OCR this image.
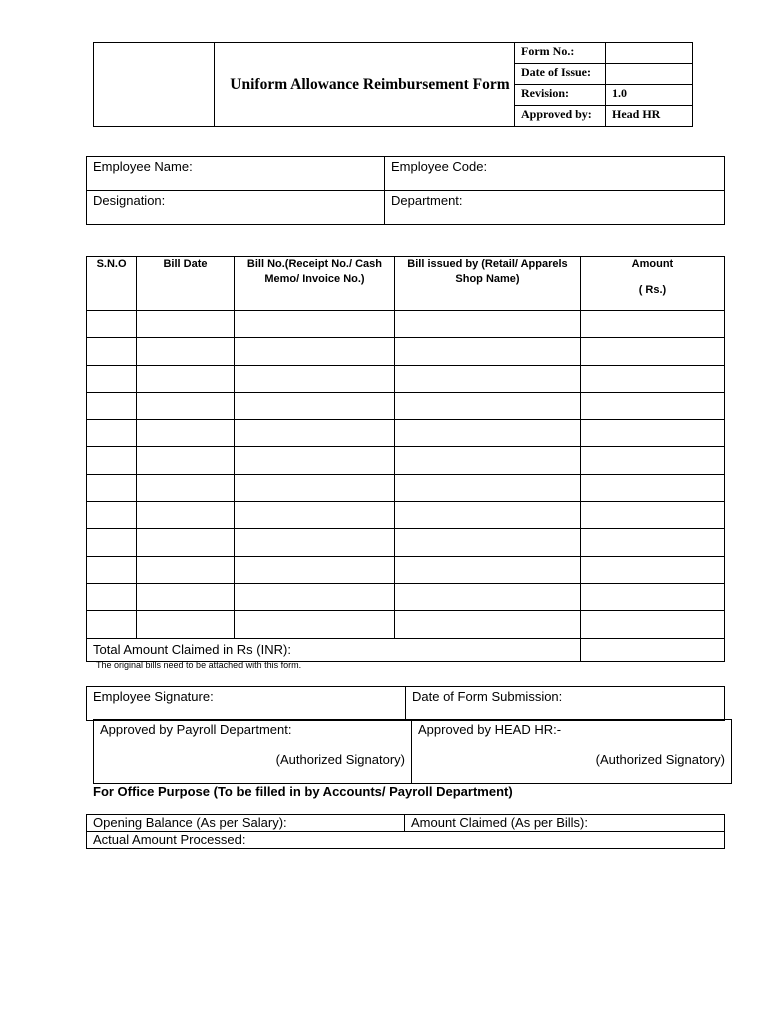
Uniform Allowance Reimbursement Form
Form No.:	
Date of Issue:	
Revision:	1.0
Approved by:	Head HR
Employee Name:	Employee Code:
Designation:	Department:
S.N.O	Bill Date	Bill No.(Receipt No./ Cash Memo/ Invoice No.)	Bill issued by (Retail/ Apparels Shop Name)	Amount
( Rs.)

Total Amount Claimed in Rs (INR):				
The original bills need to be attached with this form.
Employee Signature:	Date of Form Submission:
Approved by Payroll Department:
(Authorized Signatory)
	Approved by HEAD HR:-
(Authorized Signatory)
For Office Purpose (To be filled in by Accounts/ Payroll Department)
Opening Balance (As per Salary):	Amount Claimed (As per Bills):
Actual Amount Processed:
